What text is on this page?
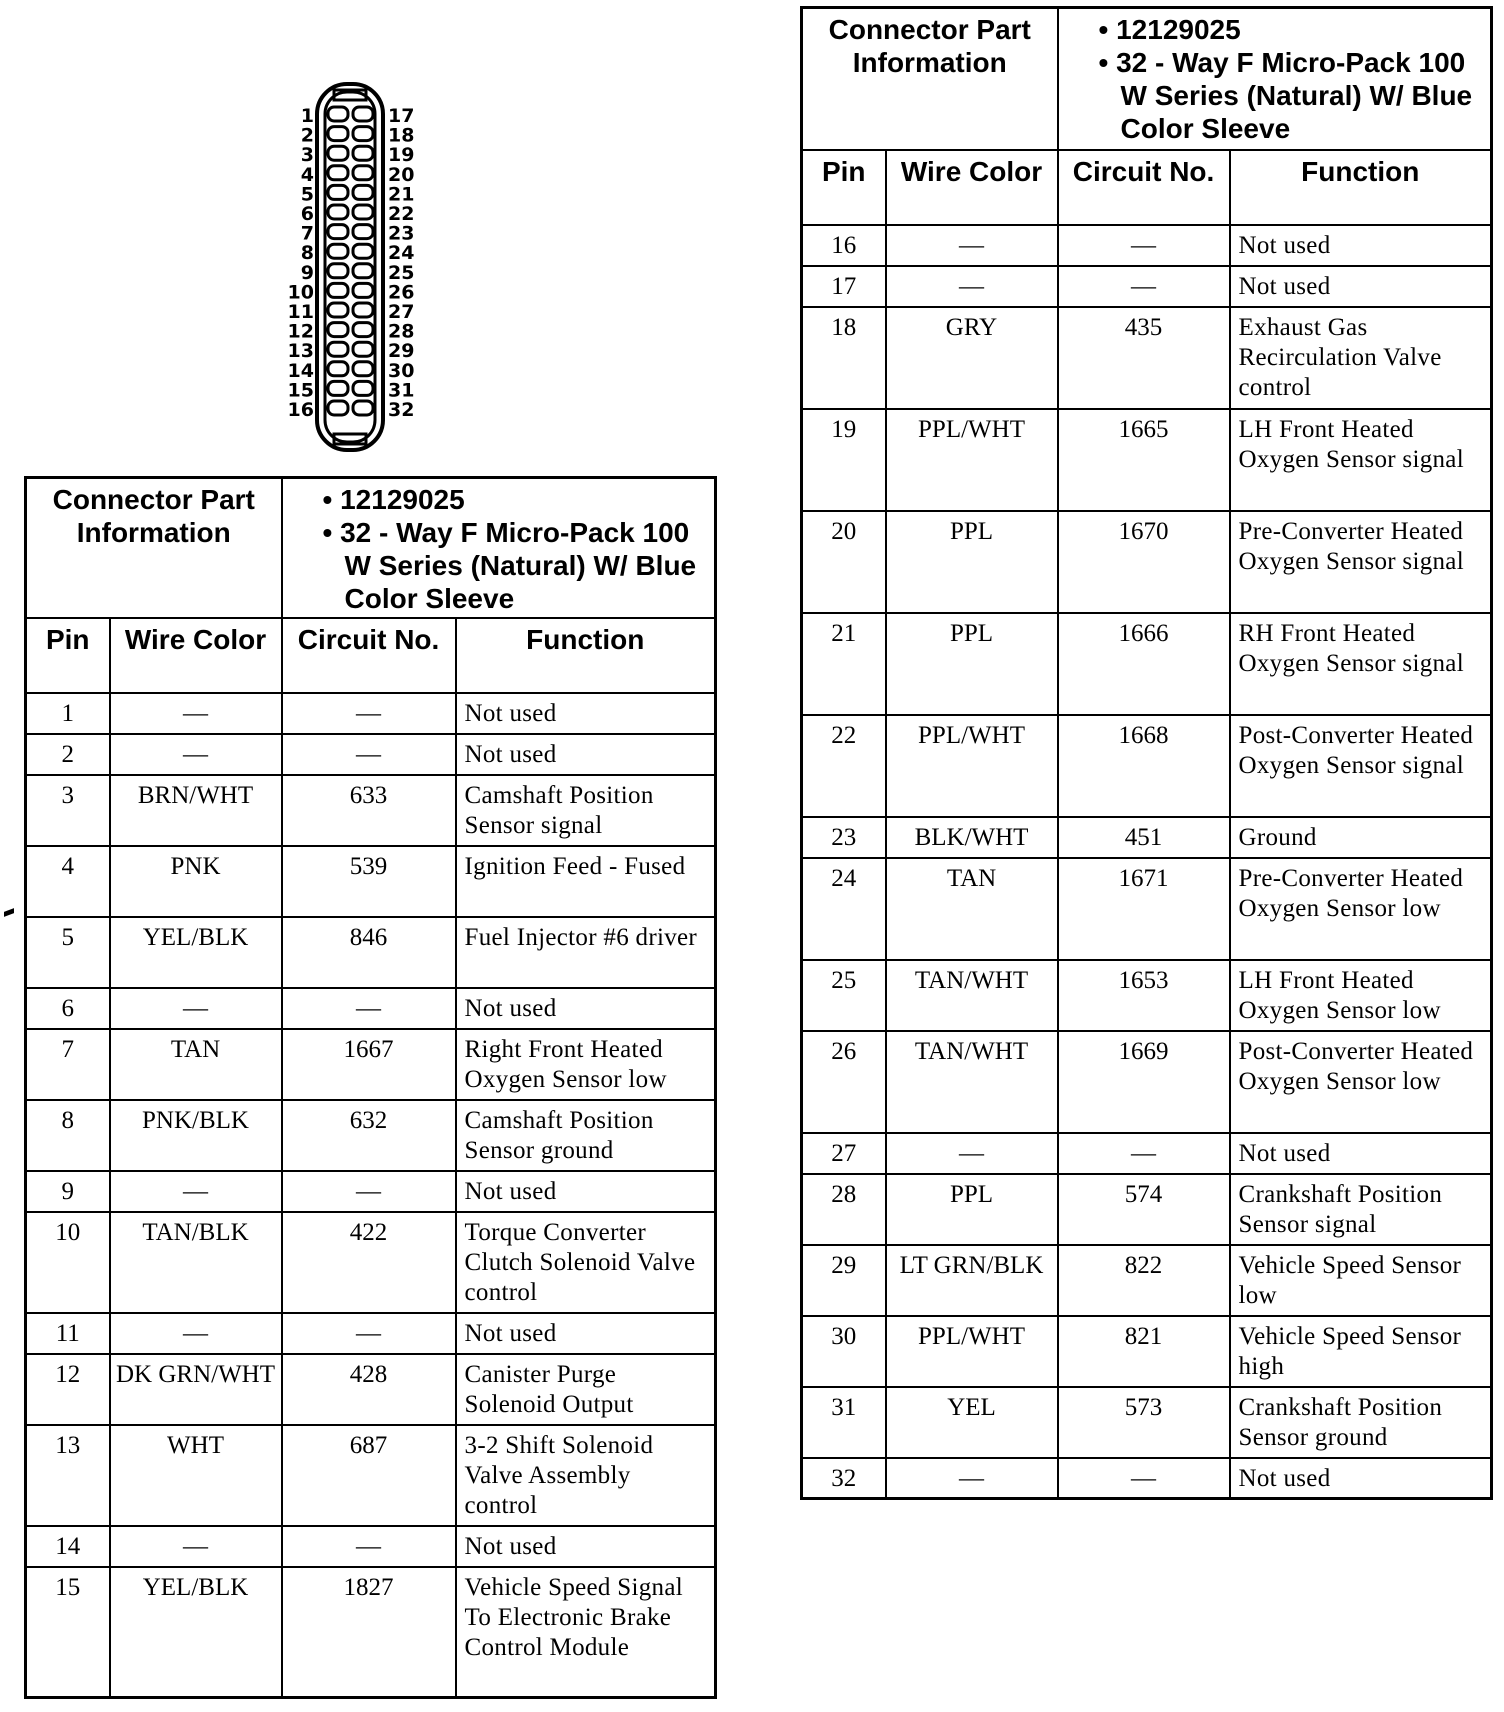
1	17
2	18
3	19
4	20
5	21
6	22
7	23
8	24
9	25
10	26
11	27
12	28
13	29
14	30
15	31
16	32
Connector Part Information		• 12129025
• 32 - Way F Micro-Pack 100 W Series (Natural) W/ Blue Color Sleeve	

Pin	Wire Color	Circuit No.	Function
1	—	—	Not used
2	—	—	Not used
3	BRN/WHT	633	Camshaft Position Sensor signal
4	PNK	539	Ignition Feed - Fused
5	YEL/BLK	846	Fuel Injector #6 driver
6	—	—	Not used
7	TAN	1667	Right Front Heated Oxygen Sensor low
8	PNK/BLK	632	Camshaft Position Sensor ground
9	—	—	Not used
10	TAN/BLK	422	Torque Converter Clutch Solenoid Valve control
11	—	—	Not used
12	DK GRN/WHT	428	Canister Purge Solenoid Output
13	WHT	687	3-2 Shift Solenoid Valve Assembly control
14	—	—	Not used
15	YEL/BLK	1827	Vehicle Speed Signal To Electronic Brake Control Module
Connector Part Information		• 12129025
• 32 - Way F Micro-Pack 100 W Series (Natural) W/ Blue Color Sleeve	

Pin	Wire Color	Circuit No.	Function
16	—	—	Not used
17	—	—	Not used
18	GRY	435	Exhaust Gas Recirculation Valve control
19	PPL/WHT	1665	LH Front Heated Oxygen Sensor signal
20	PPL	1670	Pre-Converter Heated Oxygen Sensor signal
21	PPL	1666	RH Front Heated Oxygen Sensor signal
22	PPL/WHT	1668	Post-Converter Heated Oxygen Sensor signal
23	BLK/WHT	451	Ground
24	TAN	1671	Pre-Converter Heated Oxygen Sensor low
25	TAN/WHT	1653	LH Front Heated Oxygen Sensor low
26	TAN/WHT	1669	Post-Converter Heated Oxygen Sensor low
27	—	—	Not used
28	PPL	574	Crankshaft Position Sensor signal
29	LT GRN/BLK	822	Vehicle Speed Sensor low
30	PPL/WHT	821	Vehicle Speed Sensor high
31	YEL	573	Crankshaft Position Sensor ground
32	—	—	Not used
